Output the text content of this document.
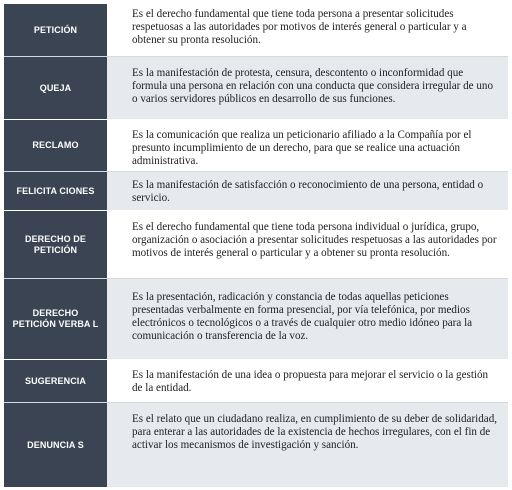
PETICIÓN
Es el derecho fundamental que tiene toda persona a presentar solicitudes respetuosas a las autoridades por motivos de interés general o particular y a obtener su pronta resolución.
QUEJA
Es la manifestación de protesta, censura, descontento o inconformidad que formula una persona en relación con una conducta que considera irregular de uno o varios servidores públicos en desarrollo de sus funciones.
RECLAMO
Es la comunicación que realiza un peticionario afiliado a la Compañía por el presunto incumplimiento de un derecho, para que se realice una actuación administrativa.
FELICITA CIONES	Es la manifestación de satisfacción o reconocimiento de una persona, entidad o servicio.
DERECHO DE PETICIÓN
Es el derecho fundamental que tiene toda persona individual o jurídica, grupo, organización o asociación a presentar solicitudes respetuosas a las autoridades por motivos de interés general o particular y a obtener su pronta resolución.
DERECHO PETICIÓN VERBA L
Es la presentación, radicación y constancia de todas aquellas peticiones presentadas verbalmente en forma presencial, por vía telefónica, por medios electrónicos o tecnológicos o a través de cualquier otro medio idóneo para la comunicación o transferencia de la voz.
SUGERENCIA	Es la manifestación de una idea o propuesta para mejorar el servicio o la gestión de la entidad.
DENUNCIA S
Es el relato que un ciudadano realiza, en cumplimiento de su deber de solidaridad, para enterar a las autoridades de la existencia de hechos irregulares, con el fin de activar los mecanismos de investigación y sanción.
